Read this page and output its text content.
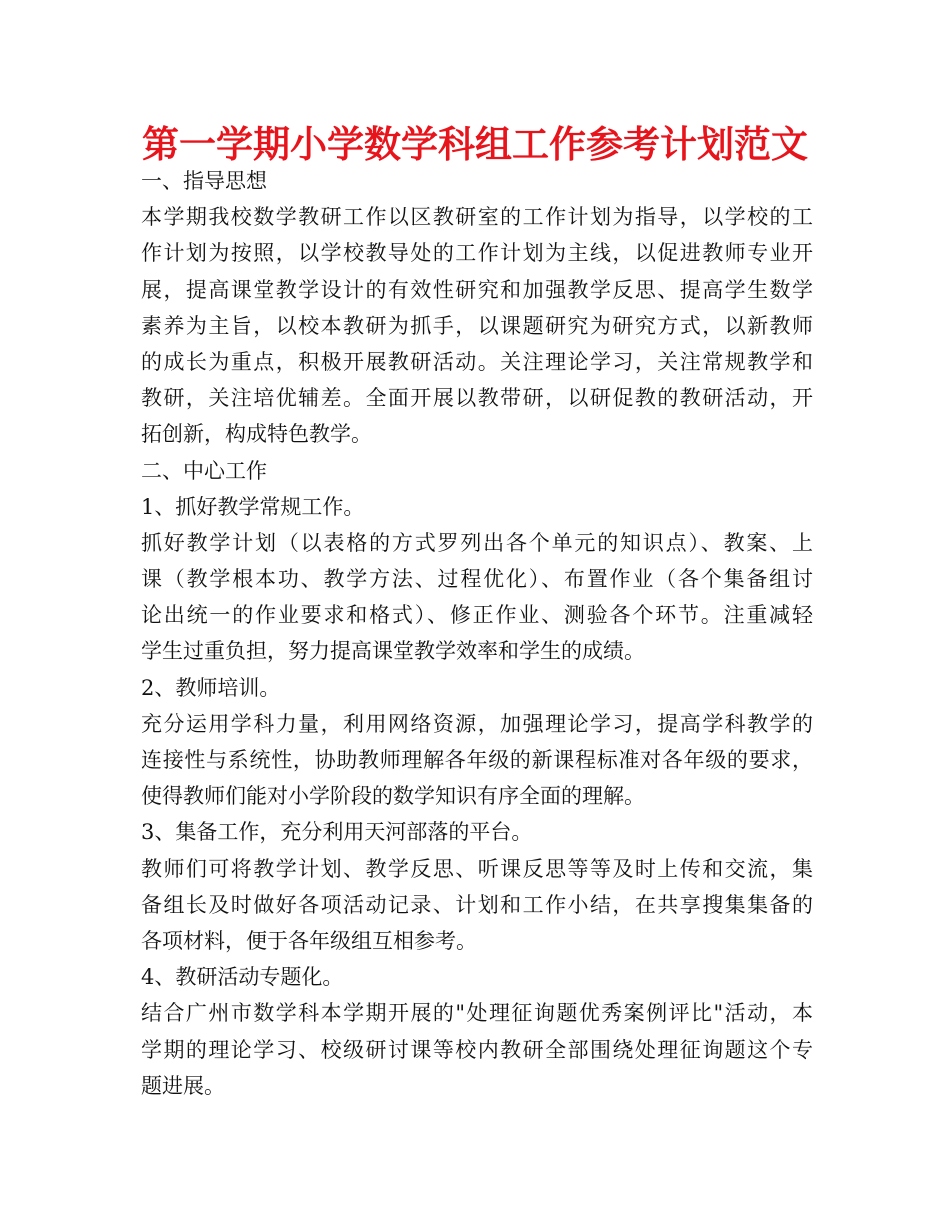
第一学期小学数学科组工作参考计划范文
一、指导思想
本学期我校数学教研工作以区教研室的工作计划为指导，以学校的工
作计划为按照，以学校教导处的工作计划为主线，以促进教师专业开
展，提高课堂教学设计的有效性研究和加强教学反思、提高学生数学
素养为主旨，以校本教研为抓手，以课题研究为研究方式，以新教师
的成长为重点，积极开展教研活动。关注理论学习，关注常规教学和
教研，关注培优辅差。全面开展以教带研，以研促教的教研活动，开
拓创新，构成特色教学。
二、中心工作
1、抓好教学常规工作。
抓好教学计划（以表格的方式罗列出各个单元的知识点）、教案、上
课（教学根本功、教学方法、过程优化）、布置作业（各个集备组讨
论出统一的作业要求和格式）、修正作业、测验各个环节。注重减轻
学生过重负担，努力提高课堂教学效率和学生的成绩。
2、教师培训。
充分运用学科力量，利用网络资源，加强理论学习，提高学科教学的
连接性与系统性，协助教师理解各年级的新课程标准对各年级的要求，
使得教师们能对小学阶段的数学知识有序全面的理解。
3、集备工作，充分利用天河部落的平台。
教师们可将教学计划、教学反思、听课反思等等及时上传和交流，集
备组长及时做好各项活动记录、计划和工作小结，在共享搜集集备的
各项材料，便于各年级组互相参考。
4、教研活动专题化。
结合广州市数学科本学期开展的"处理征询题优秀案例评比"活动，本
学期的理论学习、校级研讨课等校内教研全部围绕处理征询题这个专
题进展。
